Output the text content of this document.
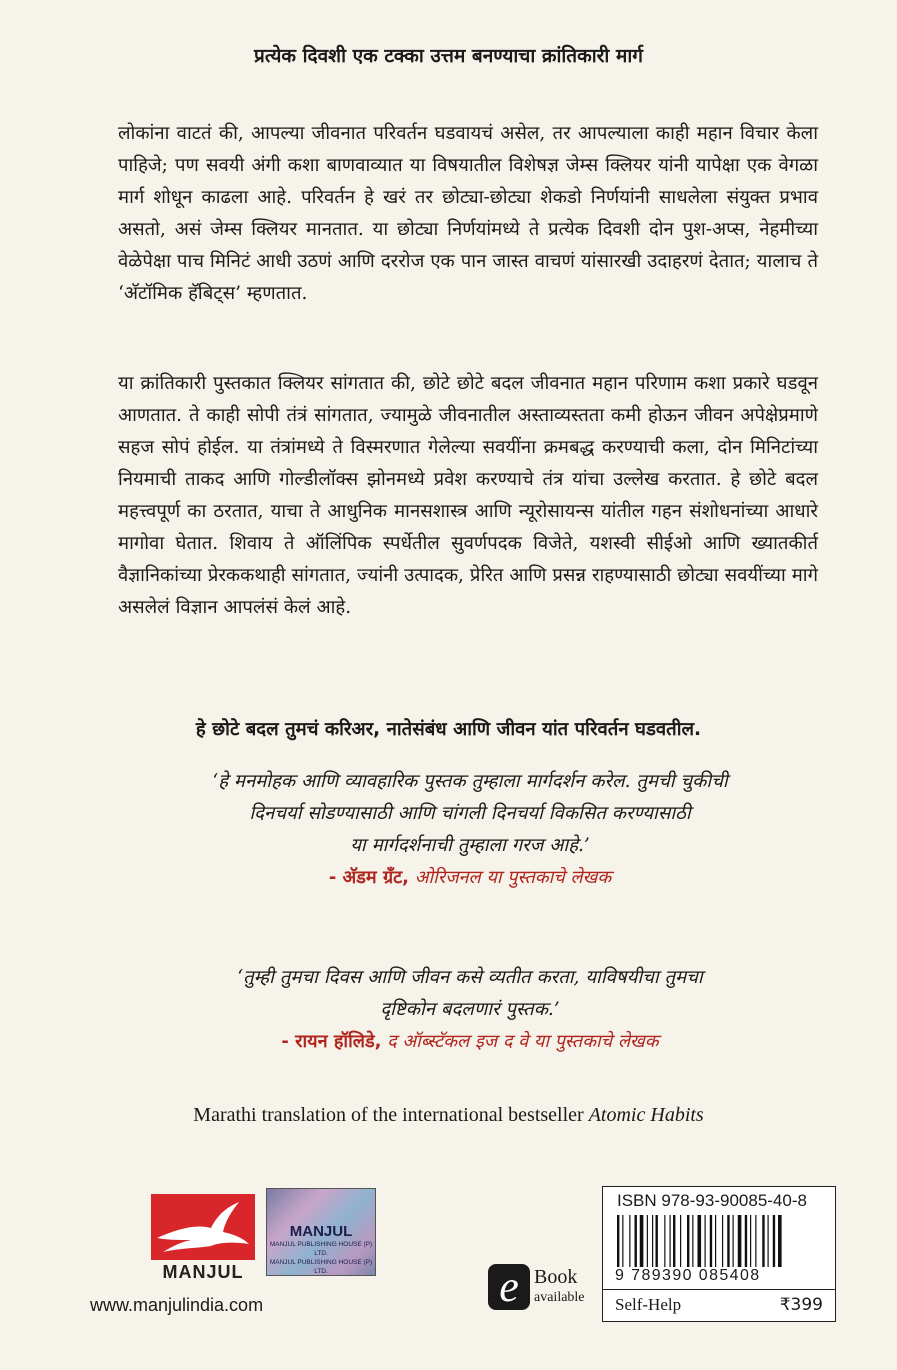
प्रत्येक दिवशी एक टक्का उत्तम बनण्याचा क्रांतिकारी मार्ग

लोकांना वाटतं की, आपल्या जीवनात परिवर्तन घडवायचं असेल, तर आपल्याला काही महान विचार केला पाहिजे; पण सवयी अंगी कशा बाणवाव्यात या विषयातील विशेषज्ञ जेम्स क्लियर यांनी यापेक्षा एक वेगळा मार्ग शोधून काढला आहे. परिवर्तन हे खरं तर छोट्या-छोट्या शेकडो निर्णयांनी साधलेला संयुक्त प्रभाव असतो, असं जेम्स क्लियर मानतात. या छोट्या निर्णयांमध्ये ते प्रत्येक दिवशी दोन पुश-अप्स, नेहमीच्या वेळेपेक्षा पाच मिनिटं आधी उठणं आणि दररोज एक पान जास्त वाचणं यांसारखी उदाहरणं देतात; यालाच ते ‘अ‍ॅटॉमिक हॅबिट्स’ म्हणतात.

या क्रांतिकारी पुस्तकात क्लियर सांगतात की, छोटे छोटे बदल जीवनात महान परिणाम कशा प्रकारे घडवून आणतात. ते काही सोपी तंत्रं सांगतात, ज्यामुळे जीवनातील अस्ताव्यस्तता कमी होऊन जीवन अपेक्षेप्रमाणे सहज सोपं होईल. या तंत्रांमध्ये ते विस्मरणात गेलेल्या सवयींना क्रमबद्ध करण्याची कला, दोन मिनिटांच्या नियमाची ताकद आणि गोल्डीलॉक्स झोनमध्ये प्रवेश करण्याचे तंत्र यांचा उल्लेख करतात. हे छोटे बदल महत्त्वपूर्ण का ठरतात, याचा ते आधुनिक मानसशास्त्र आणि न्यूरोसायन्स यांतील गहन संशोधनांच्या आधारे मागोवा घेतात. शिवाय ते ऑलिंपिक स्पर्धेतील सुवर्णपदक विजेते, यशस्वी सीईओ आणि ख्यातकीर्त वैज्ञानिकांच्या प्रेरककथाही सांगतात, ज्यांनी उत्पादक, प्रेरित आणि प्रसन्न राहण्यासाठी छोट्या सवयींच्या मागे असलेलं विज्ञान आपलंसं केलं आहे.

हे छोटे बदल तुमचं करिअर, नातेसंबंध आणि जीवन यांत परिवर्तन घडवतील.
‘हे मनमोहक आणि व्यावहारिक पुस्तक तुम्हाला मार्गदर्शन करेल. तुमची चुकीची
दिनचर्या सोडण्यासाठी आणि चांगली दिनचर्या विकसित करण्यासाठी
या मार्गदर्शनाची तुम्हाला गरज आहे.’
- अ‍ॅडम ग्रँट, ओरिजनल या पुस्तकाचे लेखक
‘तुम्ही तुमचा दिवस आणि जीवन कसे व्यतीत करता, याविषयीचा तुमचा
दृष्टिकोन बदलणारं पुस्तक.’
- रायन हॉलिडे, द ऑब्स्टॅकल इज द वे या पुस्तकाचे लेखक
Marathi translation of the international bestseller Atomic Habits
MANJUL
MANJUL
MANJUL PUBLISHING HOUSE (P) LTD.
MANJUL PUBLISHING HOUSE (P) LTD.
www.manjulindia.com	e Book
available
ISBN 978-93-90085-40-8
9 789390 085408
Self-Help	₹399
